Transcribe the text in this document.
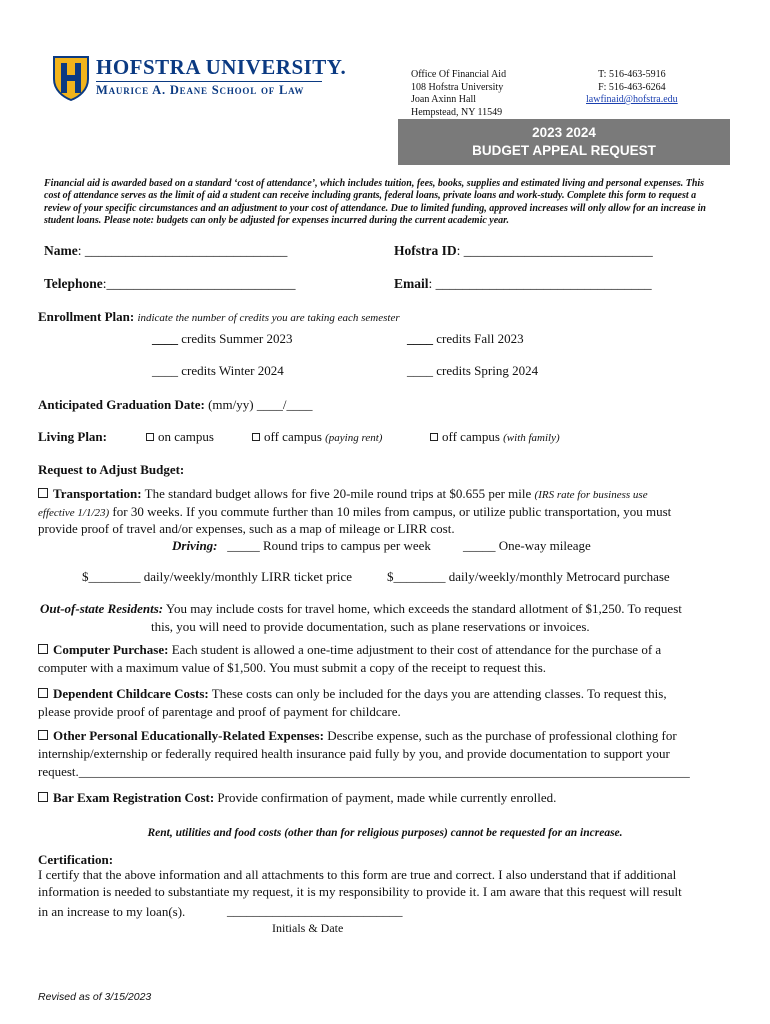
HOFSTRA UNIVERSITY.
Maurice A. Deane School of Law
Office Of Financial Aid
108 Hofstra University
Joan Axinn Hall
Hempstead, NY 11549
T: 516-463-5916
F: 516-463-6264
lawfinaid@hofstra.edu
2023 2024
BUDGET APPEAL REQUEST
Financial aid is awarded based on a standard ‘cost of attendance’, which includes tuition, fees, books, supplies and estimated living and personal expenses. This cost of attendance serves as the limit of aid a student can receive including grants, federal loans, private loans and work-study. Complete this form to request a review of your specific circumstances and an adjustment to your cost of attendance. Due to limited funding, approved increases will only allow for an increase in student loans. Please note: budgets can only be adjusted for expenses incurred during the current academic year.
Name: ______________________________	Hofstra ID: ____________________________
Telephone:____________________________	Email: ________________________________
Enrollment Plan: indicate the number of credits you are taking each semester
____ credits Summer 2023	____ credits Fall 2023
____ credits Winter 2024	____ credits Spring 2024
Anticipated Graduation Date: (mm/yy) ____/____
Living Plan:	on campus	off campus (paying rent)	off campus (with family)
Request to Adjust Budget:
Transportation: The standard budget allows for five 20-mile round trips at $0.655 per mile (IRS rate for business use
effective 1/1/23) for 30 weeks. If you commute further than 10 miles from campus, or utilize public transportation, you must
provide proof of travel and/or expenses, such as a map of mileage or LIRR cost.
Driving: _____ Round trips to campus per week _____ One-way mileage
$________ daily/weekly/monthly LIRR ticket price	$________ daily/weekly/monthly Metrocard purchase
Out-of-state Residents: You may include costs for travel home, which exceeds the standard allotment of $1,250. To request
this, you will need to provide documentation, such as plane reservations or invoices.
Computer Purchase: Each student is allowed a one-time adjustment to their cost of attendance for the purchase of a
computer with a maximum value of $1,500. You must submit a copy of the receipt to request this.
Dependent Childcare Costs: These costs can only be included for the days you are attending classes. To request this,
please provide proof of parentage and proof of payment for childcare.
Other Personal Educationally-Related Expenses: Describe expense, such as the purchase of professional clothing for
internship/externship or federally required health insurance paid fully by you, and provide documentation to support your
request.______________________________________________________________________________________________
Bar Exam Registration Cost: Provide confirmation of payment, made while currently enrolled.
Rent, utilities and food costs (other than for religious purposes) cannot be requested for an increase.
Certification:
I certify that the above information and all attachments to this form are true and correct. I also understand that if additional
information is needed to substantiate my request, it is my responsibility to provide it. I am aware that this request will result
in an increase to my loan(s).	___________________________
Initials & Date
Revised as of 3/15/2023
